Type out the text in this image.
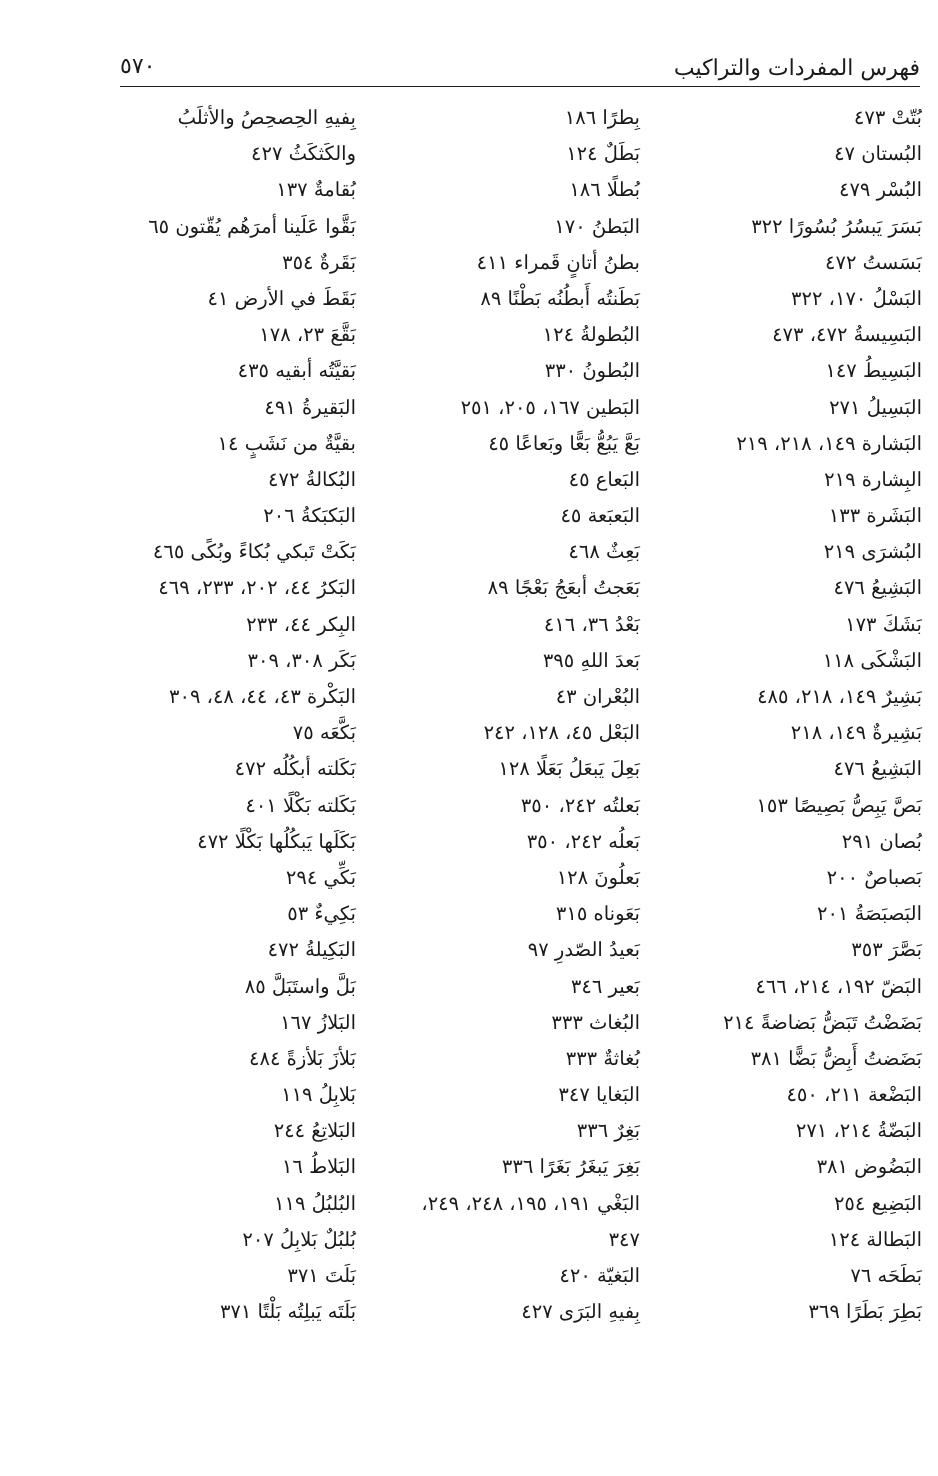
فهرس المفردات والتراكيب
٥٧٠
بُتّتْ ٤٧٣
البُستان ٤٧
البُسْر ٤٧٩
بَسَرَ يَبسُرُ بُسُورًا ٣٢٢
بَسَستُ ٤٧٢
البَسْلُ ١٧٠، ٣٢٢
البَسِيسةُ ٤٧٢، ٤٧٣
البَسِيطُ ١٤٧
البَسِيلُ ٢٧١
البَشارة ١٤٩، ٢١٨، ٢١٩
البِشارة ٢١٩
البَشَرة ١٣٣
البُشرَى ٢١٩
البَشِيعُ ٤٧٦
بَشَكَ ١٧٣
البَشْكَى ١١٨
بَشِيرٌ ١٤٩، ٢١٨، ٤٨٥
بَشِيرةٌ ١٤٩، ٢١٨
البَشِيعُ ٤٧٦
بَصَّ يَبِصُّ بَصِيصًا ١٥٣
بُصان ٢٩١
بَصباصٌ ٢٠٠
البَصبَصَةُ ٢٠١
بَصَّرَ ٣٥٣
البَضّ ١٩٢، ٢١٤، ٤٦٦
بَضَضْتُ تَبَضُّ بَضاضةً ٢١٤
بَضَضتُ أَبِضُّ بَضًّا ٣٨١
البَضْعة ٢١١، ٤٥٠
البَضّةُ ٢١٤، ٢٧١
البَضُوض ٣٨١
البَضِيع ٢٥٤
البَطالة ١٢٤
بَطَحَه ٧٦
بَطِرَ بَطَرًا ٣٦٩
بِطرًا ١٨٦
بَطَلٌ ١٢٤
بُطلًا ١٨٦
البَطنُ ١٧٠
بطنُ أتانٍ قَمراء ٤١١
بَطَنتُه أَبطُنُه بَطْنًا ٨٩
البُطولةُ ١٢٤
البُطونُ ٣٣٠
البَطين ١٦٧، ٢٠٥، ٢٥١
بَعَّ يَبُعُّ بَعًّا وبَعاعًا ٤٥
البَعاع ٤٥
البَعبَعة ٤٥
بَعِثٌ ٤٦٨
بَعَجتُ أبعَجُ بَعْجًا ٨٩
بَعْدُ ٣٦، ٤١٦
بَعدَ اللهِ ٣٩٥
البُعْران ٤٣
البَعْل ٤٥، ١٢٨، ٢٤٢
بَعِلَ يَبعَلُ بَعَلًا ١٢٨
بَعلتُه ٢٤٢، ٣٥٠
بَعلُه ٢٤٢، ٣٥٠
بَعلُونَ ١٢٨
بَعَوناه ٣١٥
بَعيدُ الصّدرِ ٩٧
بَعير ٣٤٦
البُغاث ٣٣٣
بُغاثةٌ ٣٣٣
البَغايا ٣٤٧
بَغِرٌ ٣٣٦
بَغِرَ يَبغَرُ بَغَرًا ٣٣٦
البَغْي ١٩١، ١٩٥، ٢٤٨، ٢٤٩،
٣٤٧
البَغيّة ٤٢٠
بِفيهِ البَرَى ٤٢٧
بِفيهِ الحِصحِصُ والأثلَبُ
والكَثكَثُ ٤٢٧
بُقامةٌ ١٣٧
بَقَّوا عَلَينا أمرَهُم يُقّتون ٦٥
بَقَرةٌ ٣٥٤
بَقَطَ في الأرض ٤١
بَقَّعَ ٢٣، ١٧٨
بَقيَّتُه أبقيه ٤٣٥
البَقيرةُ ٤٩١
بقيَّةٌ من نَشَبٍ ١٤
البُكالةُ ٤٧٢
البَكبَكةُ ٢٠٦
بَكَتْ تَبكي بُكاءً وبُكًى ٤٦٥
البَكرُ ٤٤، ٢٠٢، ٢٣٣، ٤٦٩
البِكر ٤٤، ٢٣٣
بَكَر ٣٠٨، ٣٠٩
البَكْرة ٤٣، ٤٤، ٤٨، ٣٠٩
بَكَّعَه ٧٥
بَكَلته أبكُلُه ٤٧٢
بَكَلته بَكْلًا ٤٠١
بَكَلَها يَبكُلُها بَكْلًا ٤٧٢
بَكِّي ٢٩٤
بَكِيءٌ ٥٣
البَكِيلةُ ٤٧٢
بَلَّ واستَبَلَّ ٨٥
البَلازُ ١٦٧
بَلأزَ بَلأزةً ٤٨٤
بَلابِلُ ١١٩
البَلاتِعُ ٢٤٤
البَلاطُ ١٦
البُلبُلُ ١١٩
بُلبُلٌ بَلابِلُ ٢٠٧
بَلَتَ ٣٧١
بَلَتَه يَبلِتُه بَلْتًا ٣٧١
